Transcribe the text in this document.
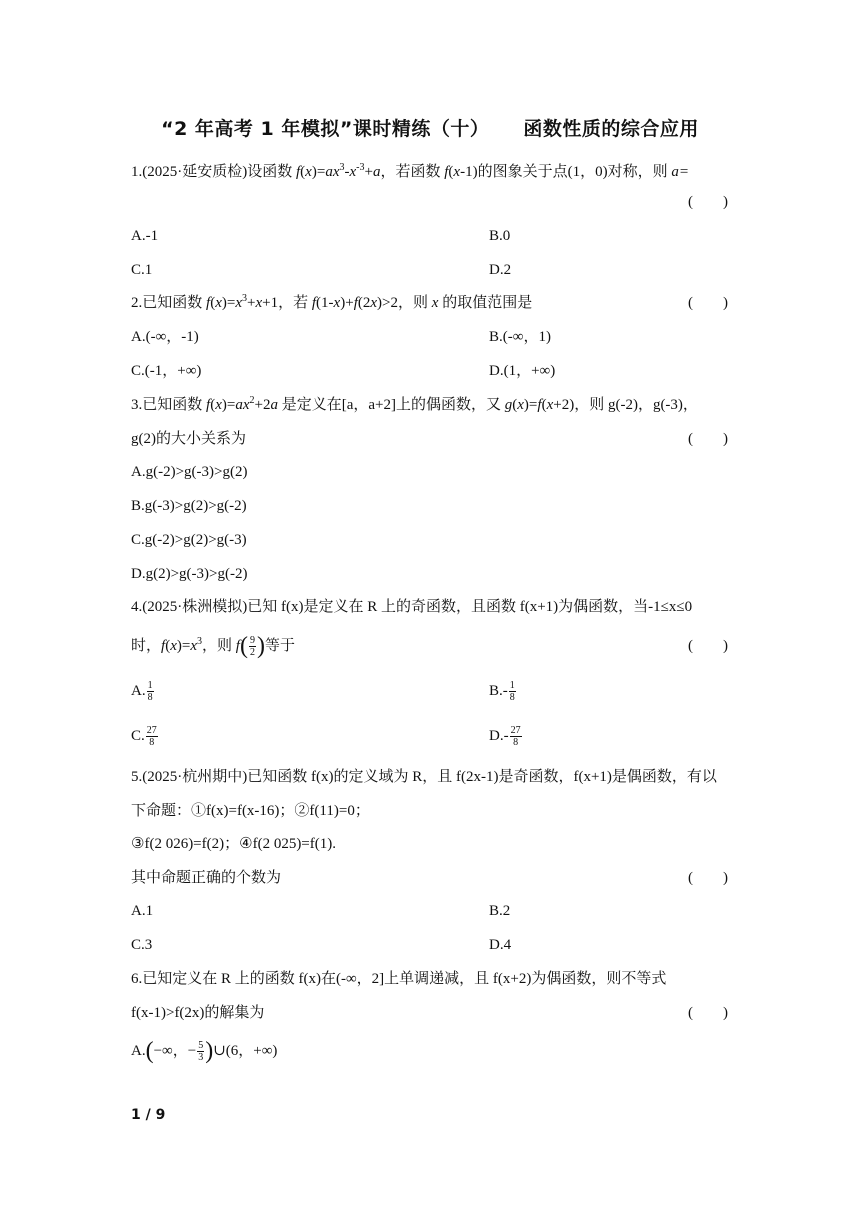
“2 年高考 1 年模拟”课时精练（十） 函数性质的综合应用
1.(2025·延安质检)设函数 $f(x)=ax^3-x^{-3}+a$，若函数 f(x-1)的图象关于点(1，0)对称，则 a=
(　　)
A.-1	B.0
C.1	D.2
2.已知函数 $f(x)=x^3+x+1$，若 f(1-x)+f(2x)>2，则 x 的取值范围是	(　　)
A.(-∞，-1)	B.(-∞，1)
C.(-1，+∞)	D.(1，+∞)
3.已知函数 $f(x)=ax^2+2a$ 是定义在[a，a+2]上的偶函数，又 g(x)=f(x+2)，则 g(-2)，g(-3)，
g(2)的大小关系为	(　　)
A.g(-2)>g(-3)>g(2)
B.g(-3)>g(2)>g(-2)
C.g(-2)>g(2)>g(-3)
D.g(2)>g(-3)>g(-2)
4.(2025·株洲模拟)已知 f(x)是定义在 R 上的奇函数，且函数 f(x+1)为偶函数，当-1≤x≤0
时，$f(x)=x^3$，则 $f( \frac{9}{2}$ )等于	(　　)
A. $\frac{1}{8}$	$B.- \frac{1}{8}$
C. $\frac{27}{8}$	$D.- \frac{27}{8}$
5.(2025·杭州期中)已知函数 f(x)的定义域为 R，且 f(2x-1)是奇函数，f(x+1)是偶函数，有以
下命题：①f(x)=f(x-16)；②f(11)=0；
③f(2 026)=f(2)；④f(2 025)=f(1).
其中命题正确的个数为	(　　)
A.1	B.2
C.3	D.4
6.已知定义在 R 上的函数 f(x)在(-∞，2]上单调递减，且 f(x+2)为偶函数，则不等式
f(x-1)>f(2x)的解集为	(　　)
A.(−∞，− $\frac{5}{3}$ )∪(6，+∞)
1 / 9
